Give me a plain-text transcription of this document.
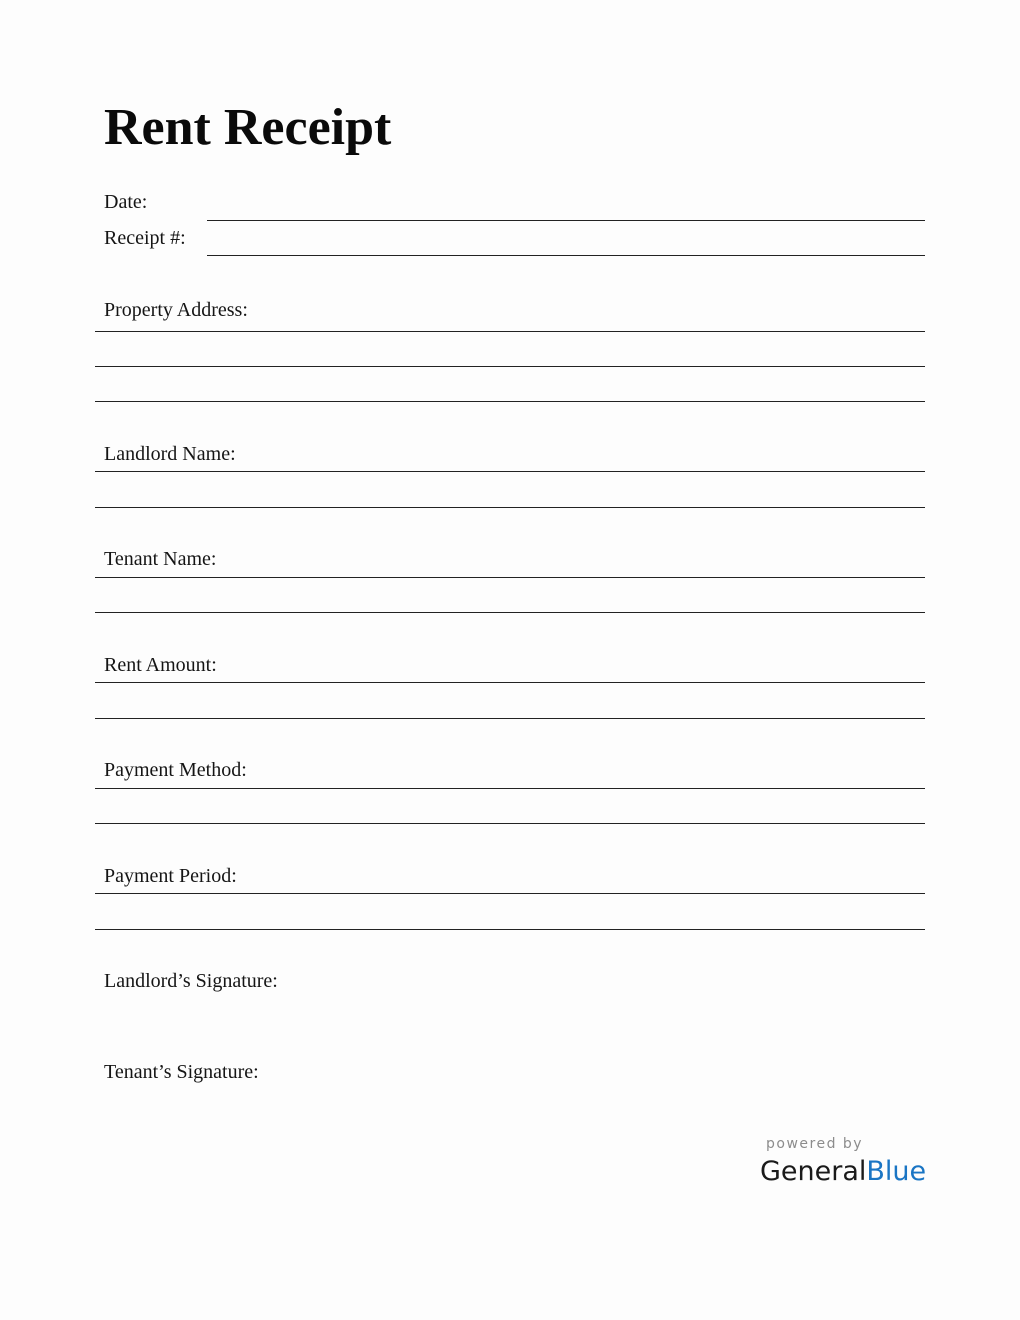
Rent Receipt
Date:
Receipt #:
Property Address:
Landlord Name:
Tenant Name:
Rent Amount:
Payment Method:
Payment Period:
Landlord’s Signature:
Tenant’s Signature:
powered by
GeneralBlue
